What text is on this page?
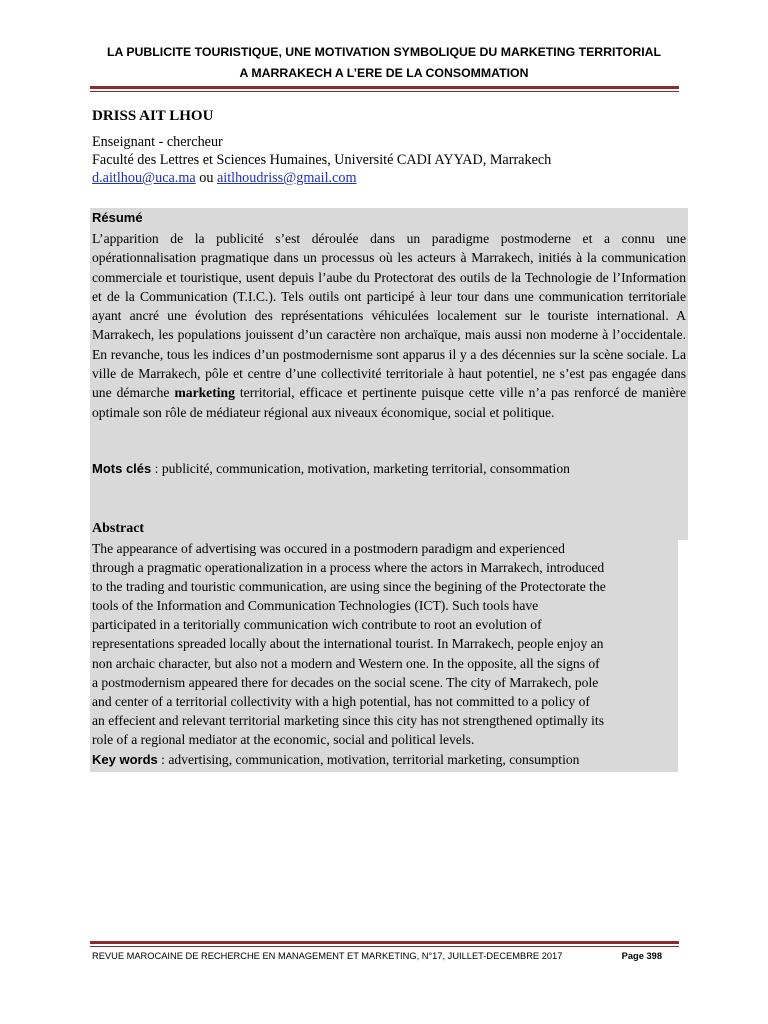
LA PUBLICITE TOURISTIQUE, UNE MOTIVATION SYMBOLIQUE DU MARKETING TERRITORIAL
A MARRAKECH A L’ERE DE LA CONSOMMATION
DRISS AIT LHOU
Enseignant - chercheur
Faculté des Lettres et Sciences Humaines, Université CADI AYYAD, Marrakech
d.aitlhou@uca.ma ou aitlhoudriss@gmail.com
Résumé
L’apparition de la publicité s’est déroulée dans un paradigme postmoderne et a connu une opérationnalisation pragmatique dans un processus où les acteurs à Marrakech, initiés à la communication commerciale et touristique, usent depuis l’aube du Protectorat des outils de la Technologie de l’Information et de la Communication (T.I.C.). Tels outils ont participé à leur tour dans une communication territoriale ayant ancré une évolution des représentations véhiculées localement sur le touriste international. A Marrakech, les populations jouissent d’un caractère non archaïque, mais aussi non moderne à l’occidentale. En revanche, tous les indices d’un postmodernisme sont apparus il y a des décennies sur la scène sociale. La ville de Marrakech, pôle et centre d’une collectivité territoriale à haut potentiel, ne s’est pas engagée dans une démarche marketing territorial, efficace et pertinente puisque cette ville n’a pas renforcé de manière optimale son rôle de médiateur régional aux niveaux économique, social et politique.
Mots clés : publicité, communication, motivation, marketing territorial, consommation
Abstract
The appearance of advertising was occured in a postmodern paradigm and experienced
through a pragmatic operationalization in a process where the actors in Marrakech, introduced
to the trading and touristic communication, are using since the begining of the Protectorate the
tools of the Information and Communication Technologies (ICT). Such tools have
participated in a teritorially communication wich contribute to root an evolution of
representations spreaded locally about the international tourist. In Marrakech, people enjoy an
non archaic character, but also not a modern and Western one. In the opposite, all the signs of
a postmodernism appeared there for decades on the social scene. The city of Marrakech, pole
and center of a territorial collectivity with a high potential, has not committed to a policy of
an effecient and relevant territorial marketing since this city has not strengthened optimally its
role of a regional mediator at the economic, social and political levels.
Key words : advertising, communication, motivation, territorial marketing, consumption
REVUE MAROCAINE DE RECHERCHE EN MANAGEMENT ET MARKETING, N°17, JUILLET-DECEMBRE 2017	Page 398
